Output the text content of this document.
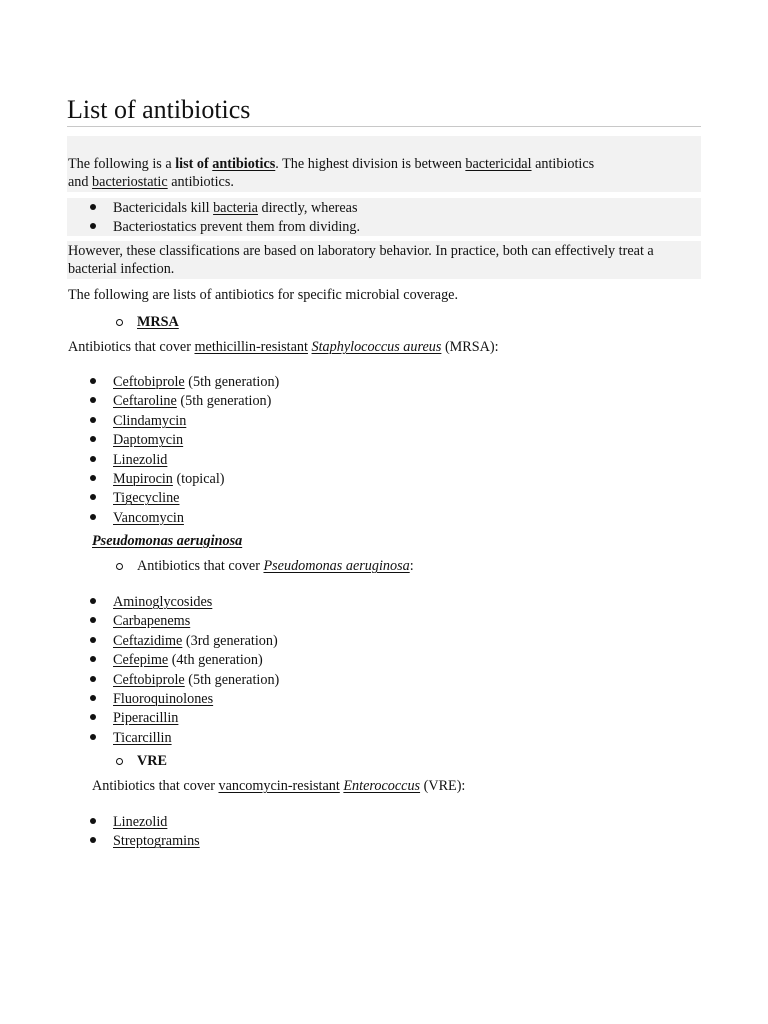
List of antibiotics
The following is a list of antibiotics. The highest division is between bactericidal antibiotics
and bacteriostatic antibiotics.
Bactericidals kill bacteria directly, whereas
Bacteriostatics prevent them from dividing.
However, these classifications are based on laboratory behavior. In practice, both can effectively treat a
bacterial infection.
The following are lists of antibiotics for specific microbial coverage.
MRSA
Antibiotics that cover methicillin-resistant Staphylococcus aureus (MRSA):
Ceftobiprole (5th generation)
Ceftaroline (5th generation)
Clindamycin
Daptomycin
Linezolid
Mupirocin (topical)
Tigecycline
Vancomycin
Pseudomonas aeruginosa
Antibiotics that cover Pseudomonas aeruginosa:
Aminoglycosides
Carbapenems
Ceftazidime (3rd generation)
Cefepime (4th generation)
Ceftobiprole (5th generation)
Fluoroquinolones
Piperacillin
Ticarcillin
VRE
Antibiotics that cover vancomycin-resistant Enterococcus (VRE):
Linezolid
Streptogramins
